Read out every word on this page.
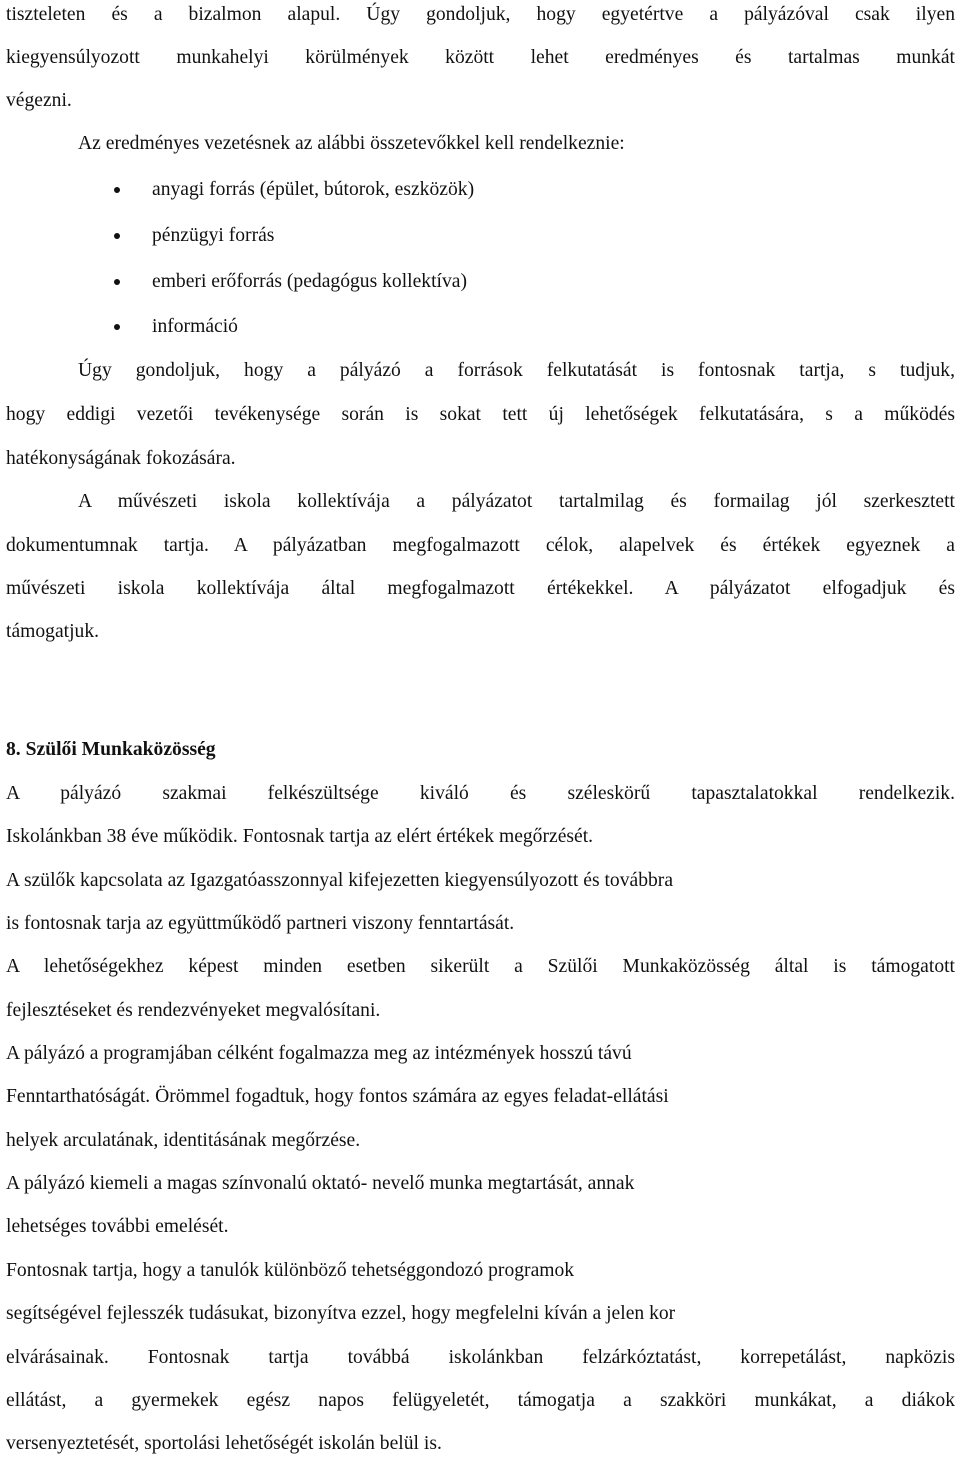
tiszteleten és a bizalmon alapul. Úgy gondoljuk, hogy egyetértve a pályázóval csak ilyen
kiegyensúlyozott munkahelyi körülmények között lehet eredményes és tartalmas munkát
végezni.
Az eredményes vezetésnek az alábbi összetevőkkel kell rendelkeznie:
anyagi forrás (épület, bútorok, eszközök)
pénzügyi forrás
emberi erőforrás (pedagógus kollektíva)
információ
Úgy gondoljuk, hogy a pályázó a források felkutatását is fontosnak tartja, s tudjuk,
hogy eddigi vezetői tevékenysége során is sokat tett új lehetőségek felkutatására, s a működés
hatékonyságának fokozására.
A művészeti iskola kollektívája a pályázatot tartalmilag és formailag jól szerkesztett
dokumentumnak tartja. A pályázatban megfogalmazott célok, alapelvek és értékek egyeznek a
művészeti iskola kollektívája által megfogalmazott értékekkel. A pályázatot elfogadjuk és
támogatjuk.
8. Szülői Munkaközösség
A pályázó szakmai felkészültsége kiváló és széleskörű tapasztalatokkal rendelkezik.
Iskolánkban 38 éve működik. Fontosnak tartja az elért értékek megőrzését.
A szülők kapcsolata az Igazgatóasszonnyal kifejezetten kiegyensúlyozott és továbbra
is fontosnak tarja az együttműködő partneri viszony fenntartását.
A lehetőségekhez képest minden esetben sikerült a Szülői Munkaközösség által is támogatott
fejlesztéseket és rendezvényeket megvalósítani.
A pályázó a programjában célként fogalmazza meg az intézmények hosszú távú
Fenntarthatóságát. Örömmel fogadtuk, hogy fontos számára az egyes feladat-ellátási
helyek arculatának, identitásának megőrzése.
A pályázó kiemeli a magas színvonalú oktató- nevelő munka megtartását, annak
lehetséges további emelését.
Fontosnak tartja, hogy a tanulók különböző tehetséggondozó programok
segítségével fejlesszék tudásukat, bizonyítva ezzel, hogy megfelelni kíván a jelen kor
elvárásainak. Fontosnak tartja továbbá iskolánkban felzárkóztatást, korrepetálást, napközis
ellátást, a gyermekek egész napos felügyeletét, támogatja a szakköri munkákat, a diákok
versenyeztetését, sportolási lehetőségét iskolán belül is.
